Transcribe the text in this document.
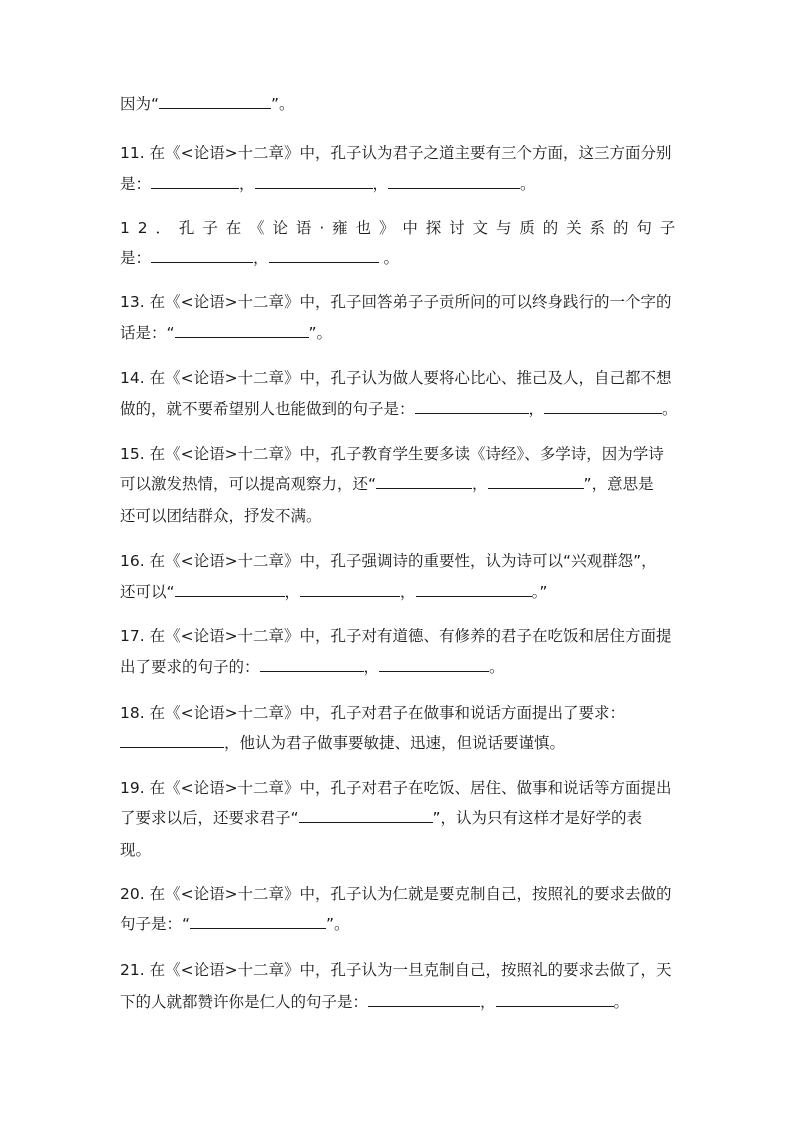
因为“	”。
11. 在《<论语>十二章》中，孔子认为君子之道主要有三个方面，这三方面分别
是：	，	，	。
12．孔子在《论语·雍也》中探讨文与质的关系的句子
是：	，	。
13. 在《<论语>十二章》中，孔子回答弟子子贡所问的可以终身践行的一个字的
话是：“	”。
14. 在《<论语>十二章》中，孔子认为做人要将心比心、推己及人，自己都不想
做的，就不要希望别人也能做到的句子是：	，	。
15. 在《<论语>十二章》中，孔子教育学生要多读《诗经》、多学诗，因为学诗
可以激发热情，可以提高观察力，还“	，	”，意思是
还可以团结群众，抒发不满。
16. 在《<论语>十二章》中，孔子强调诗的重要性，认为诗可以“兴观群怨”，
还可以“	，	，	。”
17. 在《<论语>十二章》中，孔子对有道德、有修养的君子在吃饭和居住方面提
出了要求的句子的：	，	。
18. 在《<论语>十二章》中，孔子对君子在做事和说话方面提出了要求：
，他认为君子做事要敏捷、迅速，但说话要谨慎。
19. 在《<论语>十二章》中，孔子对君子在吃饭、居住、做事和说话等方面提出
了要求以后，还要求君子“	”，认为只有这样才是好学的表
现。
20. 在《<论语>十二章》中，孔子认为仁就是要克制自己，按照礼的要求去做的
句子是：“	”。
21. 在《<论语>十二章》中，孔子认为一旦克制自己，按照礼的要求去做了，天
下的人就都赞许你是仁人的句子是：	，	。
